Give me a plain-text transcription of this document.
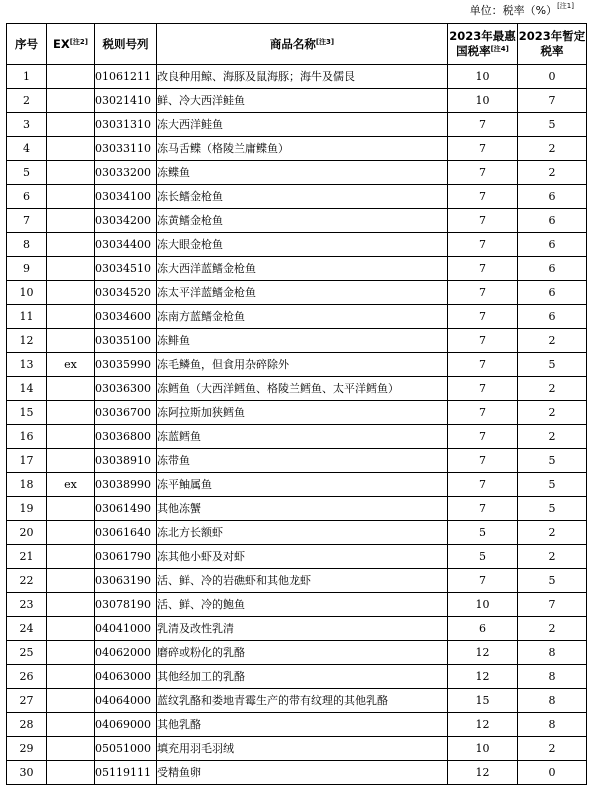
单位：税率（%）[注1]
序号	EX[注2]	税则号列	商品名称[注3]	2023年最惠国税率[注4]	2023年暂定税率
1		01061211	改良种用鲸、海豚及鼠海豚；海牛及儒艮	10	0
2		03021410	鲜、冷大西洋鲑鱼	10	7
3		03031310	冻大西洋鲑鱼	7	5
4		03033110	冻马舌鲽（格陵兰庸鲽鱼）	7	2
5		03033200	冻鲽鱼	7	2
6		03034100	冻长鳍金枪鱼	7	6
7		03034200	冻黄鳍金枪鱼	7	6
8		03034400	冻大眼金枪鱼	7	6
9		03034510	冻大西洋蓝鳍金枪鱼	7	6
10		03034520	冻太平洋蓝鳍金枪鱼	7	6
11		03034600	冻南方蓝鳍金枪鱼	7	6
12		03035100	冻鲱鱼	7	2
13	ex	03035990	冻毛鳞鱼，但食用杂碎除外	7	5
14		03036300	冻鳕鱼（大西洋鳕鱼、格陵兰鳕鱼、太平洋鳕鱼）	7	2
15		03036700	冻阿拉斯加狭鳕鱼	7	2
16		03036800	冻蓝鳕鱼	7	2
17		03038910	冻带鱼	7	5
18	ex	03038990	冻平鲉属鱼	7	5
19		03061490	其他冻蟹	7	5
20		03061640	冻北方长额虾	5	2
21		03061790	冻其他小虾及对虾	5	2
22		03063190	活、鲜、冷的岩礁虾和其他龙虾	7	5
23		03078190	活、鲜、冷的鲍鱼	10	7
24		04041000	乳清及改性乳清	6	2
25		04062000	磨碎或粉化的乳酪	12	8
26		04063000	其他经加工的乳酪	12	8
27		04064000	蓝纹乳酪和娄地青霉生产的带有纹理的其他乳酪	15	8
28		04069000	其他乳酪	12	8
29		05051000	填充用羽毛羽绒	10	2
30		05119111	受精鱼卵	12	0
